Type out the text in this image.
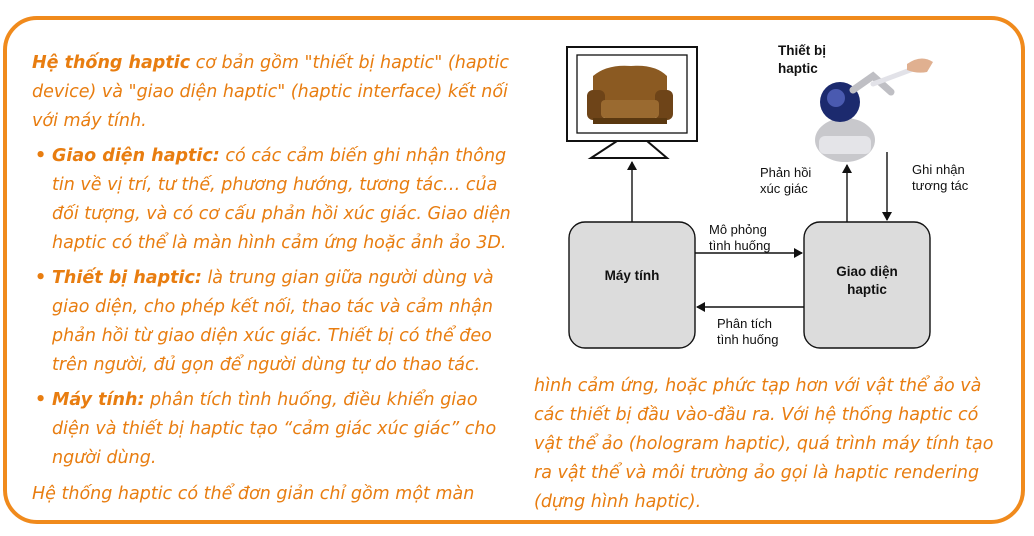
Hệ thống haptic cơ bản gồm "thiết bị haptic" (haptic device) và "giao diện haptic" (haptic interface) kết nối với máy tính.

• Giao diện haptic: có các cảm biến ghi nhận thông tin về vị trí, tư thế, phương hướng, tương tác… của đối tượng, và có cơ cấu phản hồi xúc giác. Giao diện haptic có thể là màn hình cảm ứng hoặc ảnh ảo 3D.
• Thiết bị haptic: là trung gian giữa người dùng và giao diện, cho phép kết nối, thao tác và cảm nhận phản hồi từ giao diện xúc giác. Thiết bị có thể đeo trên người, đủ gọn để người dùng tự do thao tác.
• Máy tính: phân tích tình huống, điều khiển giao diện và thiết bị haptic tạo “cảm giác xúc giác” cho người dùng.
Hệ thống haptic có thể đơn giản chỉ gồm một màn
hình cảm ứng, hoặc phức tạp hơn với vật thể ảo và các thiết bị đầu vào-đầu ra. Với hệ thống haptic có vật thể ảo (hologram haptic), quá trình máy tính tạo ra vật thể và môi trường ảo gọi là haptic rendering (dựng hình haptic).
Thiết bị
haptic
Máy tính	Giao diện
haptic
Phản hồi
xúc giác
Ghi nhận
tương tác
Mô phỏng
tình huống
Phân tích
tình huống
